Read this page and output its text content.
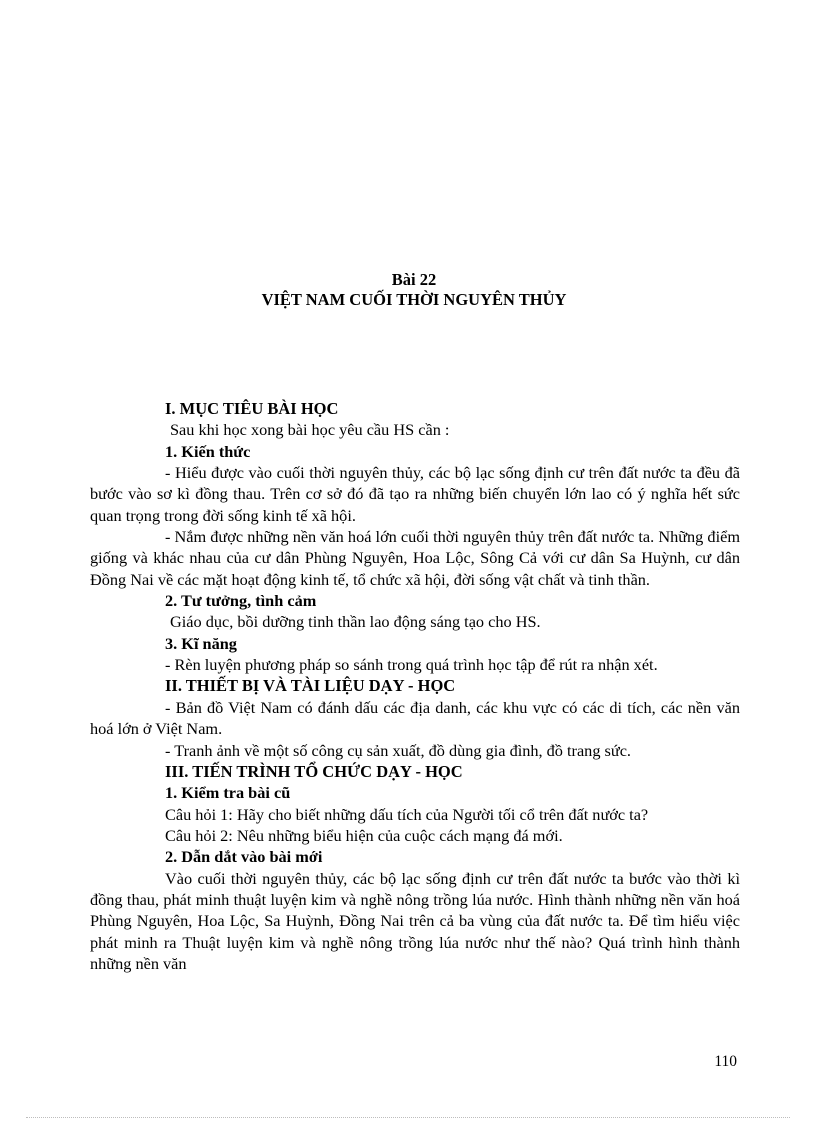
Bài 22
VIỆT NAM CUỐI THỜI NGUYÊN THỦY

I. MỤC TIÊU BÀI HỌC

Sau khi học xong bài học yêu cầu HS cần :

1. Kiến thức

- Hiểu được vào cuối thời nguyên thủy, các bộ lạc sống định cư trên đất nước ta đều đã bước vào sơ kì đồng thau. Trên cơ sở đó đã tạo ra những biến chuyển lớn lao có ý nghĩa hết sức quan trọng trong đời sống kinh tế xã hội.

- Nắm được những nền văn hoá lớn cuối thời nguyên thủy trên đất nước ta. Những điểm giống và khác nhau của cư dân Phùng Nguyên, Hoa Lộc, Sông Cả với cư dân Sa Huỳnh, cư dân Đồng Nai về các mặt hoạt động kinh tế, tổ chức xã hội, đời sống vật chất và tinh thần.

2. Tư tưởng, tình cảm

Giáo dục, bồi dưỡng tinh thần lao động sáng tạo cho HS.

3. Kĩ năng

- Rèn luyện phương pháp so sánh trong quá trình học tập để rút ra nhận xét.

II. THIẾT BỊ VÀ TÀI LIỆU DẠY - HỌC

- Bản đồ Việt Nam có đánh dấu các địa danh, các khu vực có các di tích, các nền văn hoá lớn ở Việt Nam.

- Tranh ảnh về một số công cụ sản xuất, đồ dùng gia đình, đồ trang sức.

III. TIẾN TRÌNH TỔ CHỨC DẠY - HỌC

1. Kiểm tra bài cũ

Câu hỏi 1: Hãy cho biết những dấu tích của Người tối cổ trên đất nước ta?

Câu hỏi 2: Nêu những biểu hiện của cuộc cách mạng đá mới.

2. Dẫn dắt vào bài mới

Vào cuối thời nguyên thủy, các bộ lạc sống định cư trên đất nước ta bước vào thời kì đồng thau, phát minh thuật luyện kim và nghề nông trồng lúa nước. Hình thành những nền văn hoá Phùng Nguyên, Hoa Lộc, Sa Huỳnh, Đồng Nai trên cả ba vùng của đất nước ta. Để tìm hiểu việc phát minh ra Thuật luyện kim và nghề nông trồng lúa nước như thế nào? Quá trình hình thành những nền văn

110
